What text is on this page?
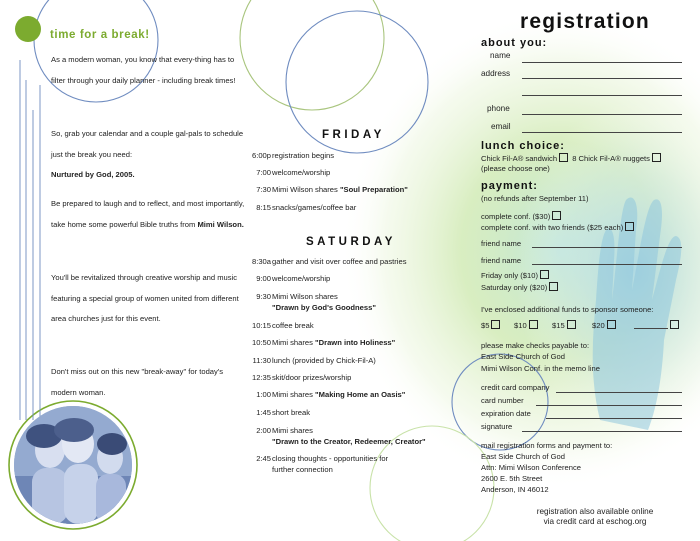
time for a break!
As a modern woman, you know that every-thing has to filter through your daily planner - including break times!
So, grab your calendar and a couple gal-pals to schedule just the break you need:
Nurtured by God, 2005.
Be prepared to laugh and to reflect, and most importantly, take home some powerful Bible truths from Mimi Wilson.
You'll be revitalized through creative worship and music featuring a special group of women united from different area churches just for this event.
Don't miss out on this new "break-away" for today's modern woman.
FRIDAY
6:00p registration begins
7:00 welcome/worship
7:30 Mimi Wilson shares "Soul Preparation"
8:15 snacks/games/coffee bar
SATURDAY
8:30a gather and visit over coffee and pastries
9:00 welcome/worship
9:30 Mimi Wilson shares
"Drawn by God's Goodness"
10:15 coffee break
10:50 Mimi shares "Drawn into Holiness"
11:30 lunch (provided by Chick-Fil-A)
12:35 skit/door prizes/worship
1:00 Mimi shares "Making Home an Oasis"
1:45 short break
2:00 Mimi shares
"Drawn to the Creator, Redeemer, Creator"
2:45 closing thoughts - opportunities for further connection
registration
about you:
name
address
phone
email
lunch choice:
Chick Fil-A® sandwich 8 Chick Fil-A® nuggets
(please choose one)
payment:
(no refunds after September 11)
complete conf. ($30)
complete conf. with two friends ($25 each)
friend name
friend name
Friday only ($10)
Saturday only ($20)
I've enclosed additional funds to sponsor someone:
$5	$10	$15	$20
please make checks payable to:
East Side Church of God
Mimi Wilson Conf. in the memo line
credit card company
card number
expiration date
signature
mail registration forms and payment to:
East Side Church of God
Attn: Mimi Wilson Conference
2600 E. 5th Street
Anderson, IN 46012
registration also available online
via credit card at eschog.org
